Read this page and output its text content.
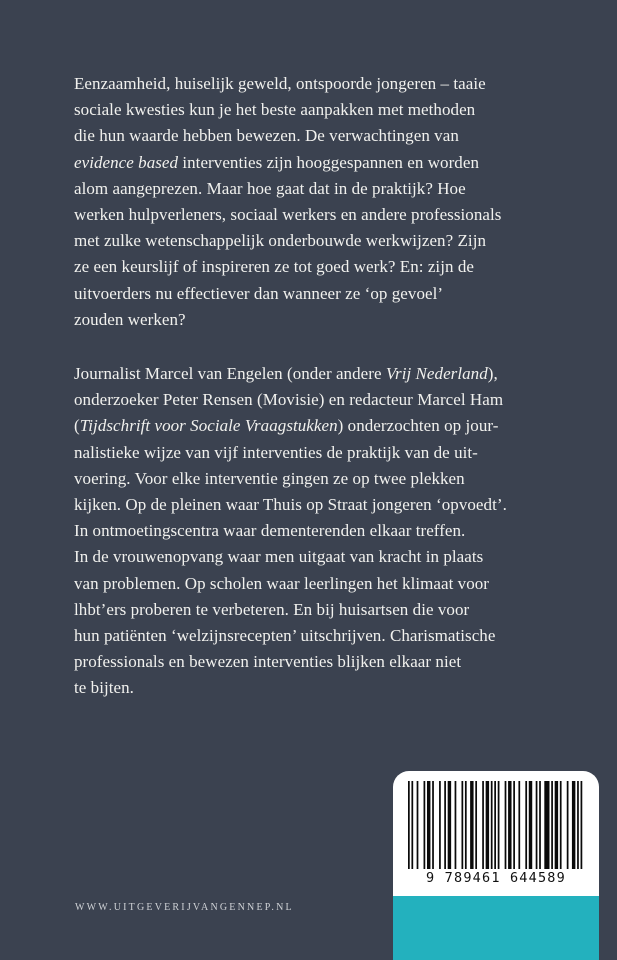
Eenzaamheid, huiselijk geweld, ontspoorde jongeren – taaie
sociale kwesties kun je het beste aanpakken met methoden
die hun waarde hebben bewezen. De verwachtingen van
evidence based interventies zijn hooggespannen en worden
alom aangeprezen. Maar hoe gaat dat in de praktijk? Hoe
werken hulpverleners, sociaal werkers en andere professionals
met zulke wetenschappelijk onderbouwde werkwijzen? Zijn
ze een keurslijf of inspireren ze tot goed werk? En: zijn de
uitvoerders nu effectiever dan wanneer ze ‘op gevoel’
zouden werken?
Journalist Marcel van Engelen (onder andere Vrij Nederland),
onderzoeker Peter Rensen (Movisie) en redacteur Marcel Ham
(Tijdschrift voor Sociale Vraagstukken) onderzochten op jour-
nalistieke wijze van vijf interventies de praktijk van de uit-
voering. Voor elke interventie gingen ze op twee plekken
kijken. Op de pleinen waar Thuis op Straat jongeren ‘opvoedt’.
In ontmoetingscentra waar dementerenden elkaar treffen.
In de vrouwenopvang waar men uitgaat van kracht in plaats
van problemen. Op scholen waar leerlingen het klimaat voor
lhbt’ers proberen te verbeteren. En bij huisartsen die voor
hun patiënten ‘welzijnsrecepten’ uitschrijven. Charismatische
professionals en bewezen interventies blijken elkaar niet
te bijten.
9 789461 644589
WWW.UITGEVERIJVANGENNEP.NL
